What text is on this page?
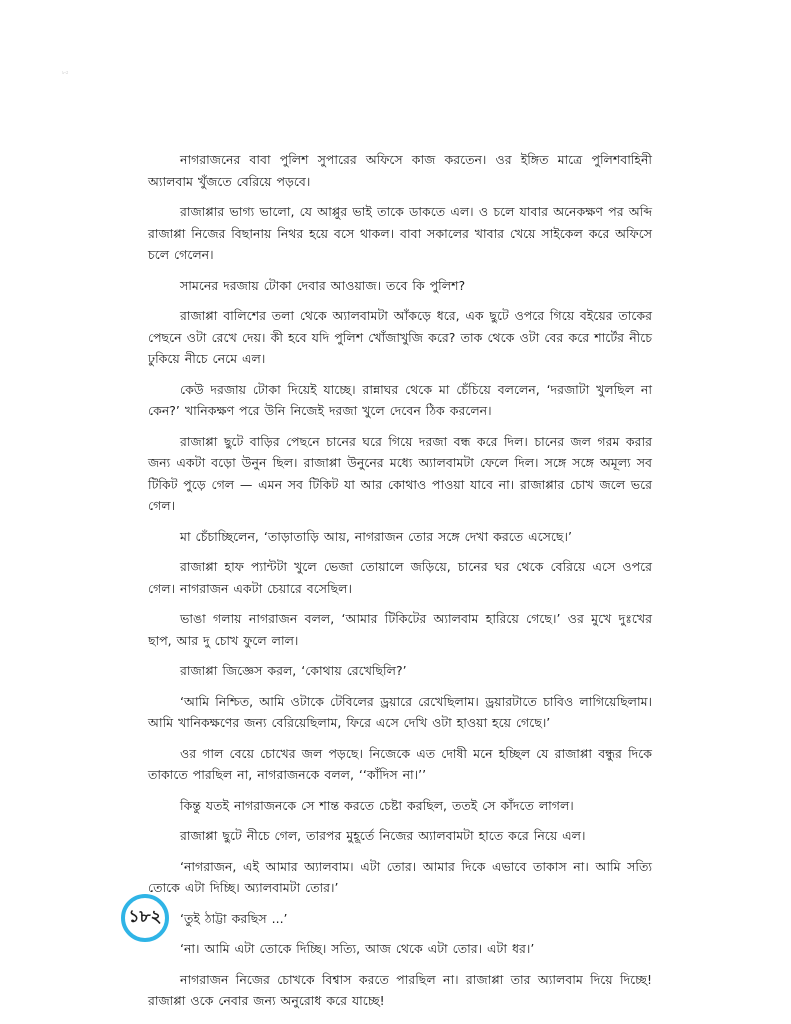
৮৫

নাগরাজনের বাবা পুলিশ সুপারের অফিসে কাজ করতেন। ওর ইঙ্গিত মাত্রে পুলিশবাহিনী অ্যালবাম খুঁজতে বেরিয়ে পড়বে।

রাজাপ্পার ভাগ্য ভালো, যে আপ্পুর ভাই তাকে ডাকতে এল। ও চলে যাবার অনেকক্ষণ পর অব্দি রাজাপ্পা নিজের বিছানায় নিথর হয়ে বসে থাকল। বাবা সকালের খাবার খেয়ে সাইকেল করে অফিসে চলে গেলেন।

সামনের দরজায় টোকা দেবার আওয়াজ। তবে কি পুলিশ?

রাজাপ্পা বালিশের তলা থেকে অ্যালবামটা আঁকড়ে ধরে, এক ছুটে ওপরে গিয়ে বইয়ের তাকের পেছনে ওটা রেখে দেয়। কী হবে যদি পুলিশ খোঁজাখুজি করে? তাক থেকে ওটা বের করে শার্টের নীচে ঢুকিয়ে নীচে নেমে এল।

কেউ দরজায় টোকা দিয়েই যাচ্ছে। রান্নাঘর থেকে মা চেঁচিয়ে বললেন, ‘দরজাটা খুলছিল না কেন?’ খানিকক্ষণ পরে উনি নিজেই দরজা খুলে দেবেন ঠিক করলেন।

রাজাপ্পা ছুটে বাড়ির পেছনে চানের ঘরে গিয়ে দরজা বন্ধ করে দিল। চানের জল গরম করার জন্য একটা বড়ো উনুন ছিল। রাজাপ্পা উনুনের মধ্যে অ্যালবামটা ফেলে দিল। সঙ্গে সঙ্গে অমূল্য সব টিকিট পুড়ে গেল — এমন সব টিকিট যা আর কোথাও পাওয়া যাবে না। রাজাপ্পার চোখ জলে ভরে গেল।

মা চেঁচাচ্ছিলেন, ‘তাড়াতাড়ি আয়, নাগরাজন তোর সঙ্গে দেখা করতে এসেছে।’

রাজাপ্পা হাফ প্যান্টটা খুলে ভেজা তোয়ালে জড়িয়ে, চানের ঘর থেকে বেরিয়ে এসে ওপরে গেল। নাগরাজন একটা চেয়ারে বসেছিল।

ভাঙা গলায় নাগরাজন বলল, ‘আমার টিকিটের অ্যালবাম হারিয়ে গেছে।’ ওর মুখে দুঃখের ছাপ, আর দু চোখ ফুলে লাল।

রাজাপ্পা জিজ্ঞেস করল, ‘কোথায় রেখেছিলি?’

‘আমি নিশ্চিত, আমি ওটাকে টেবিলের ড্রয়ারে রেখেছিলাম। ড্রয়ারটাতে চাবিও লাগিয়েছিলাম। আমি খানিকক্ষণের জন্য বেরিয়েছিলাম, ফিরে এসে দেখি ওটা হাওয়া হয়ে গেছে।’

ওর গাল বেয়ে চোখের জল পড়ছে। নিজেকে এত দোষী মনে হচ্ছিল যে রাজাপ্পা বন্ধুর দিকে তাকাতে পারছিল না, নাগরাজনকে বলল, ‘‘কাঁদিস না।’’

কিন্তু যতই নাগরাজনকে সে শান্ত করতে চেষ্টা করছিল, ততই সে কাঁদতে লাগল।

রাজাপ্পা ছুটে নীচে গেল, তারপর মুহূর্তে নিজের অ্যালবামটা হাতে করে নিয়ে এল।

‘নাগরাজন, এই আমার অ্যালবাম। এটা তোর। আমার দিকে এভাবে তাকাস না। আমি সত্যি তোকে এটা দিচ্ছি। অ্যালবামটা তোর।’

‘তুই ঠাট্টা করছিস ...’

‘না। আমি এটা তোকে দিচ্ছি। সত্যি, আজ থেকে এটা তোর। এটা ধর।’

নাগরাজন নিজের চোখকে বিশ্বাস করতে পারছিল না। রাজাপ্পা তার অ্যালবাম দিয়ে দিচ্ছে! রাজাপ্পা ওকে নেবার জন্য অনুরোধ করে যাচ্ছে!

১৮২
